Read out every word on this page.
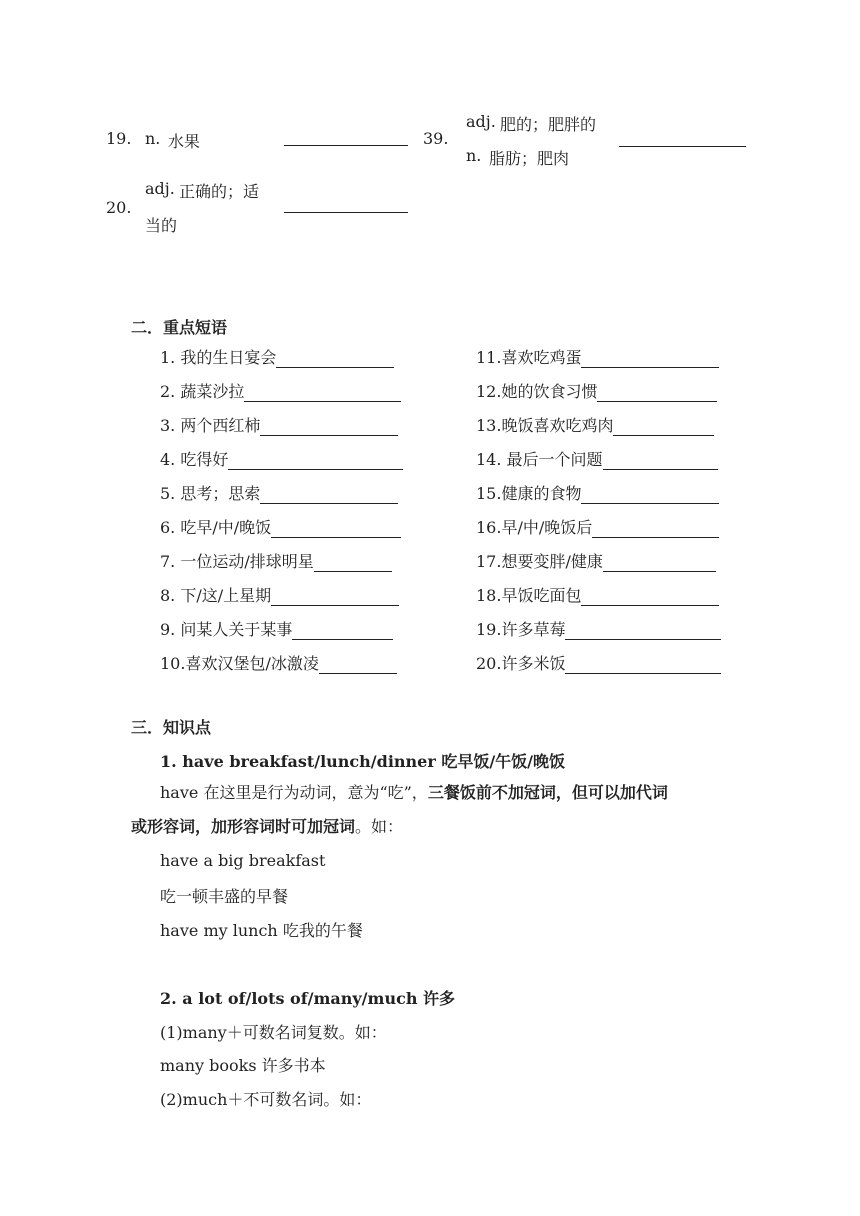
19. n. 水果	39.
adj. 肥的；肥胖的
n. 脂肪；肥肉
20.
adj. 正确的；适
当的
二．重点短语
1. 我的生日宴会
2. 蔬菜沙拉
3. 两个西红柿
4. 吃得好
5. 思考；思索
6. 吃早/中/晚饭
7. 一位运动/排球明星
8. 下/这/上星期
9. 问某人关于某事
10.喜欢汉堡包/冰激凌
11.喜欢吃鸡蛋
12.她的饮食习惯
13.晚饭喜欢吃鸡肉
14. 最后一个问题
15.健康的食物
16.早/中/晚饭后
17.想要变胖/健康
18.早饭吃面包
19.许多草莓
20.许多米饭
三．知识点
1. have breakfast/lunch/dinner 吃早饭/午饭/晚饭
have 在这里是行为动词，意为“吃”，三餐饭前不加冠词，但可以加代词
或形容词，加形容词时可加冠词。如：
have a big breakfast
吃一顿丰盛的早餐
have my lunch 吃我的午餐
2. a lot of/lots of/many/much 许多
(1)many＋可数名词复数。如：
many books 许多书本
(2)much＋不可数名词。如：
